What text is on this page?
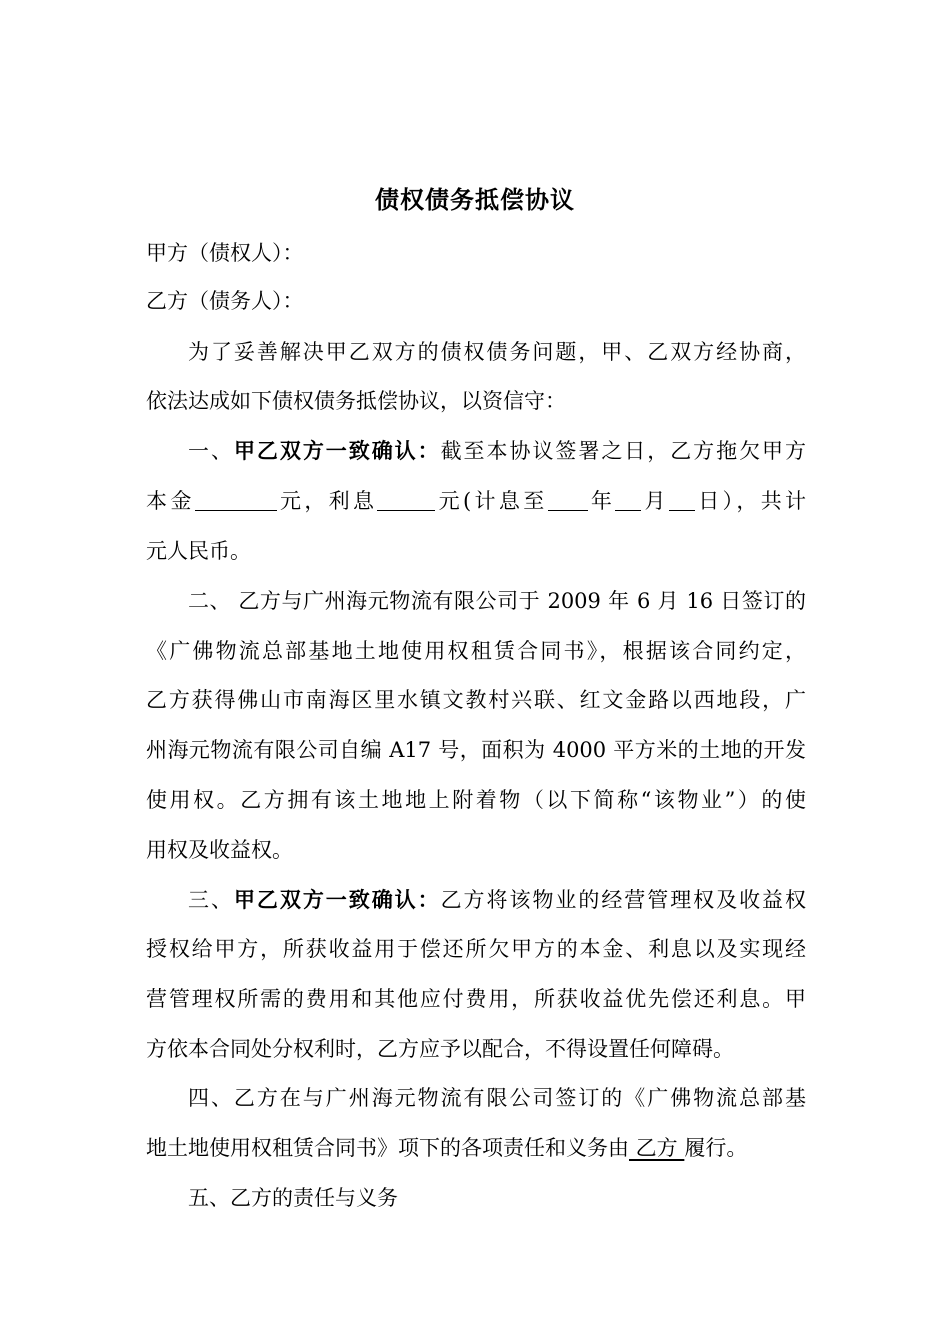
债权债务抵偿协议

甲方（债权人）：

乙方（债务人）：

为了妥善解决甲乙双方的债权债务问题，甲、乙双方经协商，

依法达成如下债权债务抵偿协议，以资信守：

一、甲乙双方一致确认：截至本协议签署之日，乙方拖欠甲方

本金	元，利息	元(计息至 年 月 日），共计

元人民币。

二、 乙方与广州海元物流有限公司于 2009 年 6 月 16 日签订的

《广佛物流总部基地土地使用权租赁合同书》，根据该合同约定，

乙方获得佛山市南海区里水镇文教村兴联、红文金路以西地段，广

州海元物流有限公司自编 A17 号，面积为 4000 平方米的土地的开发

使用权。乙方拥有该土地地上附着物（以下简称“该物业”）的使

用权及收益权。

三、甲乙双方一致确认：乙方将该物业的经营管理权及收益权

授权给甲方，所获收益用于偿还所欠甲方的本金、利息以及实现经

营管理权所需的费用和其他应付费用，所获收益优先偿还利息。甲

方依本合同处分权利时，乙方应予以配合，不得设置任何障碍。

四、乙方在与广州海元物流有限公司签订的《广佛物流总部基

地土地使用权租赁合同书》项下的各项责任和义务由 乙方 履行。

五、乙方的责任与义务
